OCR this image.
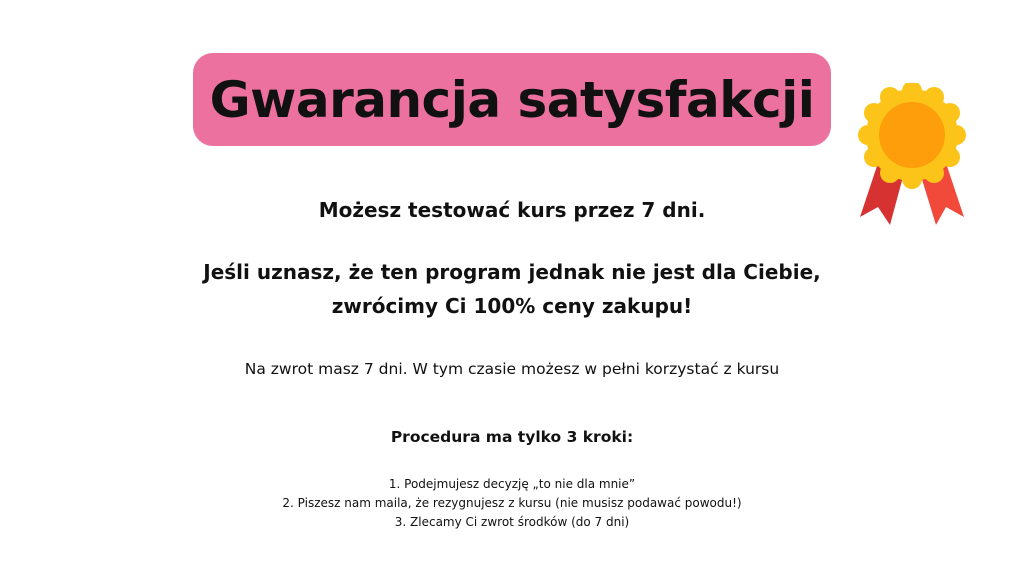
Gwarancja satysfakcji
Możesz testować kurs przez 7 dni.
Jeśli uznasz, że ten program jednak nie jest dla Ciebie,
zwrócimy Ci 100% ceny zakupu!
Na zwrot masz 7 dni. W tym czasie możesz w pełni korzystać z kursu
Procedura ma tylko 3 kroki:
1. Podejmujesz decyzję „to nie dla mnie”
2. Piszesz nam maila, że rezygnujesz z kursu (nie musisz podawać powodu!)
3. Zlecamy Ci zwrot środków (do 7 dni)
